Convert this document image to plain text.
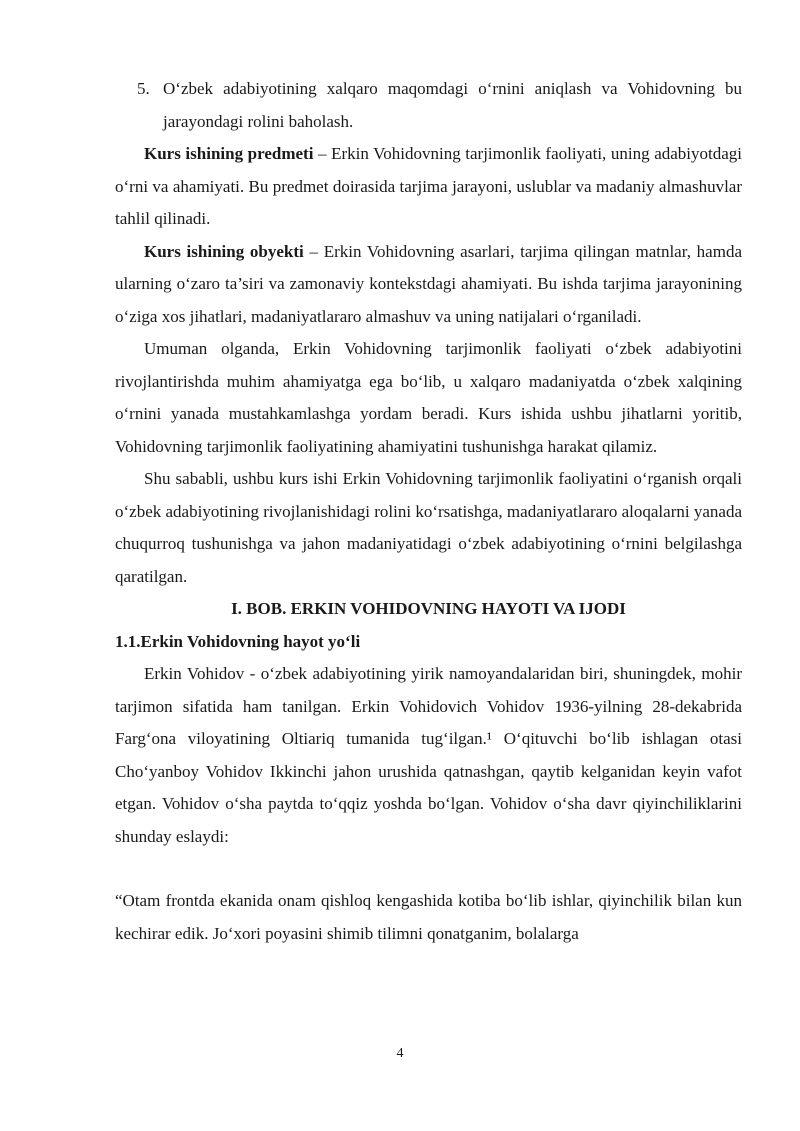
5. O‘zbek adabiyotining xalqaro maqomdagi o‘rnini aniqlash va Vohidovning bu jarayondagi rolini baholash.

Kurs ishining predmeti – Erkin Vohidovning tarjimonlik faoliyati, uning adabiyotdagi o‘rni va ahamiyati. Bu predmet doirasida tarjima jarayoni, uslublar va madaniy almashuvlar tahlil qilinadi.

Kurs ishining obyekti – Erkin Vohidovning asarlari, tarjima qilingan matnlar, hamda ularning o‘zaro ta’siri va zamonaviy kontekstdagi ahamiyati. Bu ishda tarjima jarayonining o‘ziga xos jihatlari, madaniyatlararo almashuv va uning natijalari o‘rganiladi.

Umuman olganda, Erkin Vohidovning tarjimonlik faoliyati o‘zbek adabiyotini rivojlantirishda muhim ahamiyatga ega bo‘lib, u xalqaro madaniyatda o‘zbek xalqining o‘rnini yanada mustahkamlashga yordam beradi. Kurs ishida ushbu jihatlarni yoritib, Vohidovning tarjimonlik faoliyatining ahamiyatini tushunishga harakat qilamiz.

Shu sababli, ushbu kurs ishi Erkin Vohidovning tarjimonlik faoliyatini o‘rganish orqali o‘zbek adabiyotining rivojlanishidagi rolini ko‘rsatishga, madaniyatlararo aloqalarni yanada chuqurroq tushunishga va jahon madaniyatidagi o‘zbek adabiyotining o‘rnini belgilashga qaratilgan.

I. BOB. ERKIN VOHIDOVNING HAYOTI VA IJODI

1.1.Erkin Vohidovning hayot yo‘li

Erkin Vohidov - o‘zbek adabiyotining yirik namoyandalaridan biri, shuningdek, mohir tarjimon sifatida ham tanilgan. Erkin Vohidovich Vohidov 1936-yilning 28-dekabrida Farg‘ona viloyatining Oltiariq tumanida tug‘ilgan.¹ O‘qituvchi bo‘lib ishlagan otasi Cho‘yanboy Vohidov Ikkinchi jahon urushida qatnashgan, qaytib kelganidan keyin vafot etgan. Vohidov o‘sha paytda to‘qqiz yoshda bo‘lgan. Vohidov o‘sha davr qiyinchiliklarini shunday eslaydi:

“Otam frontda ekanida onam qishloq kengashida kotiba bo‘lib ishlar, qiyinchilik bilan kun kechirar edik. Jo‘xori poyasini shimib tilimni qonatganim, bolalarga

4
